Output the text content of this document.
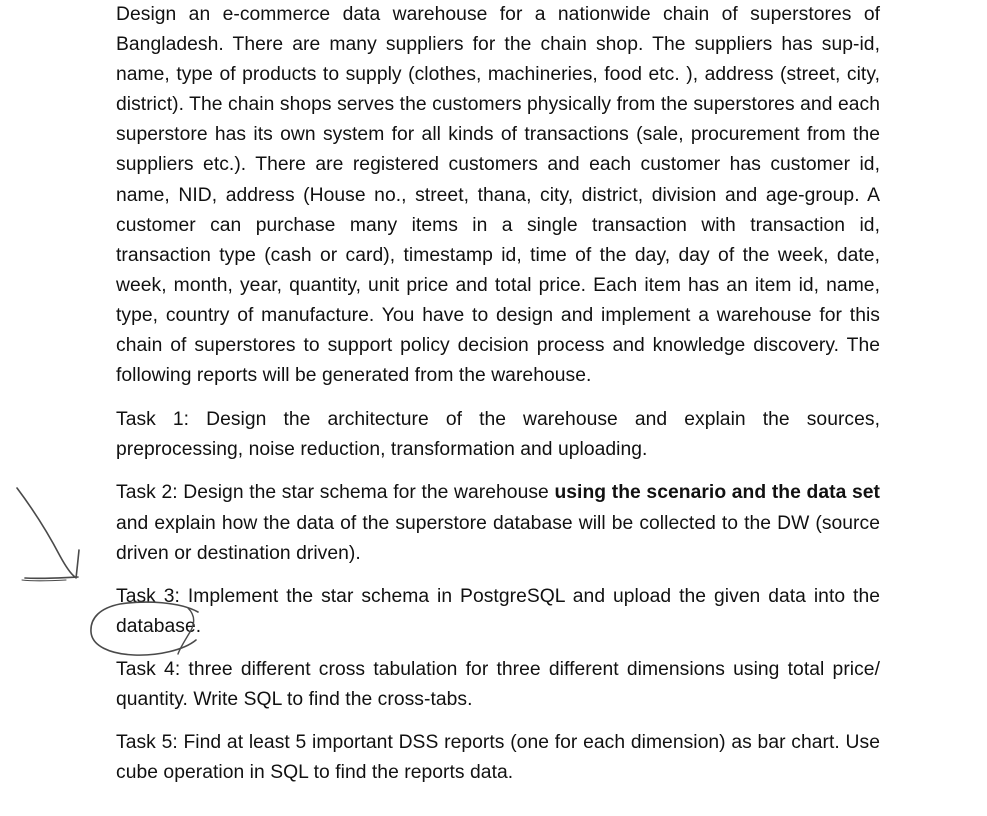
Design an e-commerce data warehouse for a nationwide chain of superstores of Bangladesh. There are many suppliers for the chain shop. The suppliers has sup-id, name, type of products to supply (clothes, machineries, food etc. ), address (street, city, district). The chain shops serves the customers physically from the superstores and each superstore has its own system for all kinds of transactions (sale, procurement from the suppliers etc.). There are registered customers and each customer has customer id, name, NID, address (House no., street, thana, city, district, division and age-group. A customer can purchase many items in a single transaction with transaction id, transaction type (cash or card), timestamp id, time of the day, day of the week, date, week, month, year, quantity, unit price and total price. Each item has an item id, name, type, country of manufacture. You have to design and implement a warehouse for this chain of superstores to support policy decision process and knowledge discovery. The following reports will be generated from the warehouse.

Task 1: Design the architecture of the warehouse and explain the sources, preprocessing, noise reduction, transformation and uploading.

Task 2: Design the star schema for the warehouse using the scenario and the data set and explain how the data of the superstore database will be collected to the DW (source driven or destination driven).

Task 3: Implement the star schema in PostgreSQL and upload the given data into the database.

Task 4: three different cross tabulation for three different dimensions using total price/ quantity. Write SQL to find the cross-tabs.

Task 5: Find at least 5 important DSS reports (one for each dimension) as bar chart. Use cube operation in SQL to find the reports data.
